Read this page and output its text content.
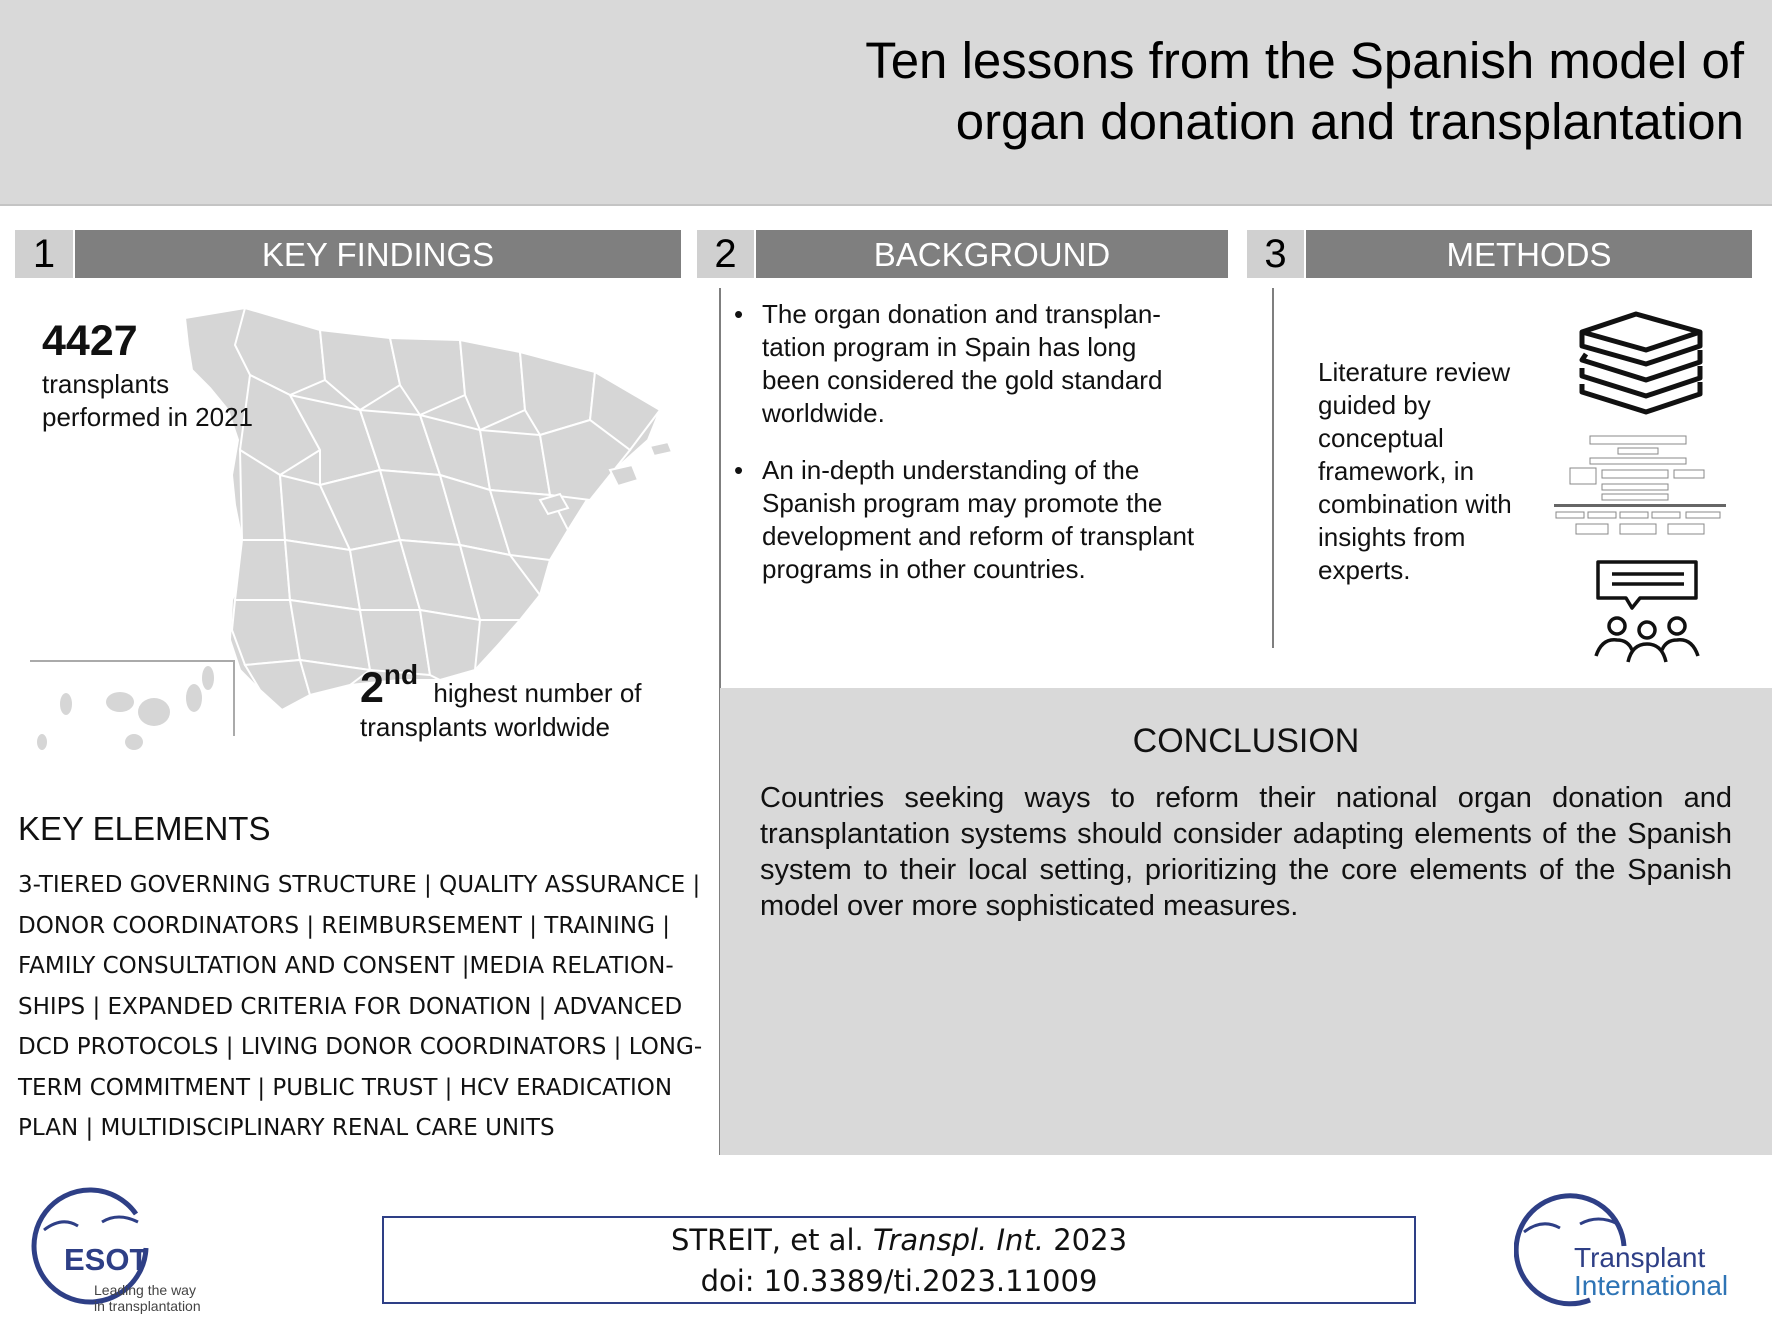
Ten lessons from the Spanish model of
organ donation and transplantation
1	KEY FINDINGS	2	BACKGROUND	3	METHODS
4427
transplants
performed in 2021
2nd highest number of
transplants worldwide
KEY ELEMENTS
3-TIERED GOVERNING STRUCTURE | QUALITY ASSURANCE |
DONOR COORDINATORS | REIMBURSEMENT | TRAINING |
FAMILY CONSULTATION AND CONSENT |MEDIA RELATION-
SHIPS | EXPANDED CRITERIA FOR DONATION | ADVANCED
DCD PROTOCOLS | LIVING DONOR COORDINATORS | LONG-
TERM COMMITMENT | PUBLIC TRUST | HCV ERADICATION
PLAN | MULTIDISCIPLINARY RENAL CARE UNITS
• The organ donation and transplan-
tation program in Spain has long
been considered the gold standard
worldwide.
• An in-depth understanding of the
Spanish program may promote the
development and reform of transplant
programs in other countries.
Literature review
guided by
conceptual
framework, in
combination with
insights from
experts.
CONCLUSION
Countries seeking ways to reform their national organ donation and transplantation systems should consider adapting elements of the Spanish system to their local setting, prioritizing the core elements of the Spanish model over more sophisticated measures.
STREIT, et al. Transpl. Int. 2023
doi: 10.3389/ti.2023.11009
ESOT
Leading the way
in transplantation
Transplant
International
